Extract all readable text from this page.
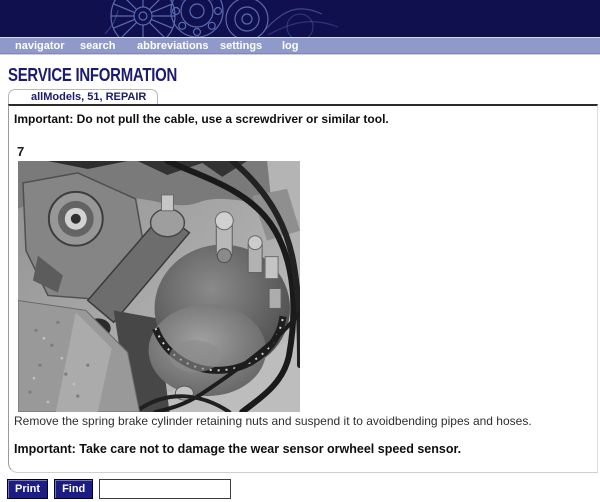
navigator search abbreviations settings log
SERVICE INFORMATION
allModels, 51, REPAIR

Important: Do not pull the cable, use a screwdriver or similar tool.

7

Remove the spring brake cylinder retaining nuts and suspend it to avoidbending pipes and hoses.

Important: Take care not to damage the wear sensor orwheel speed sensor.

Print	Find
